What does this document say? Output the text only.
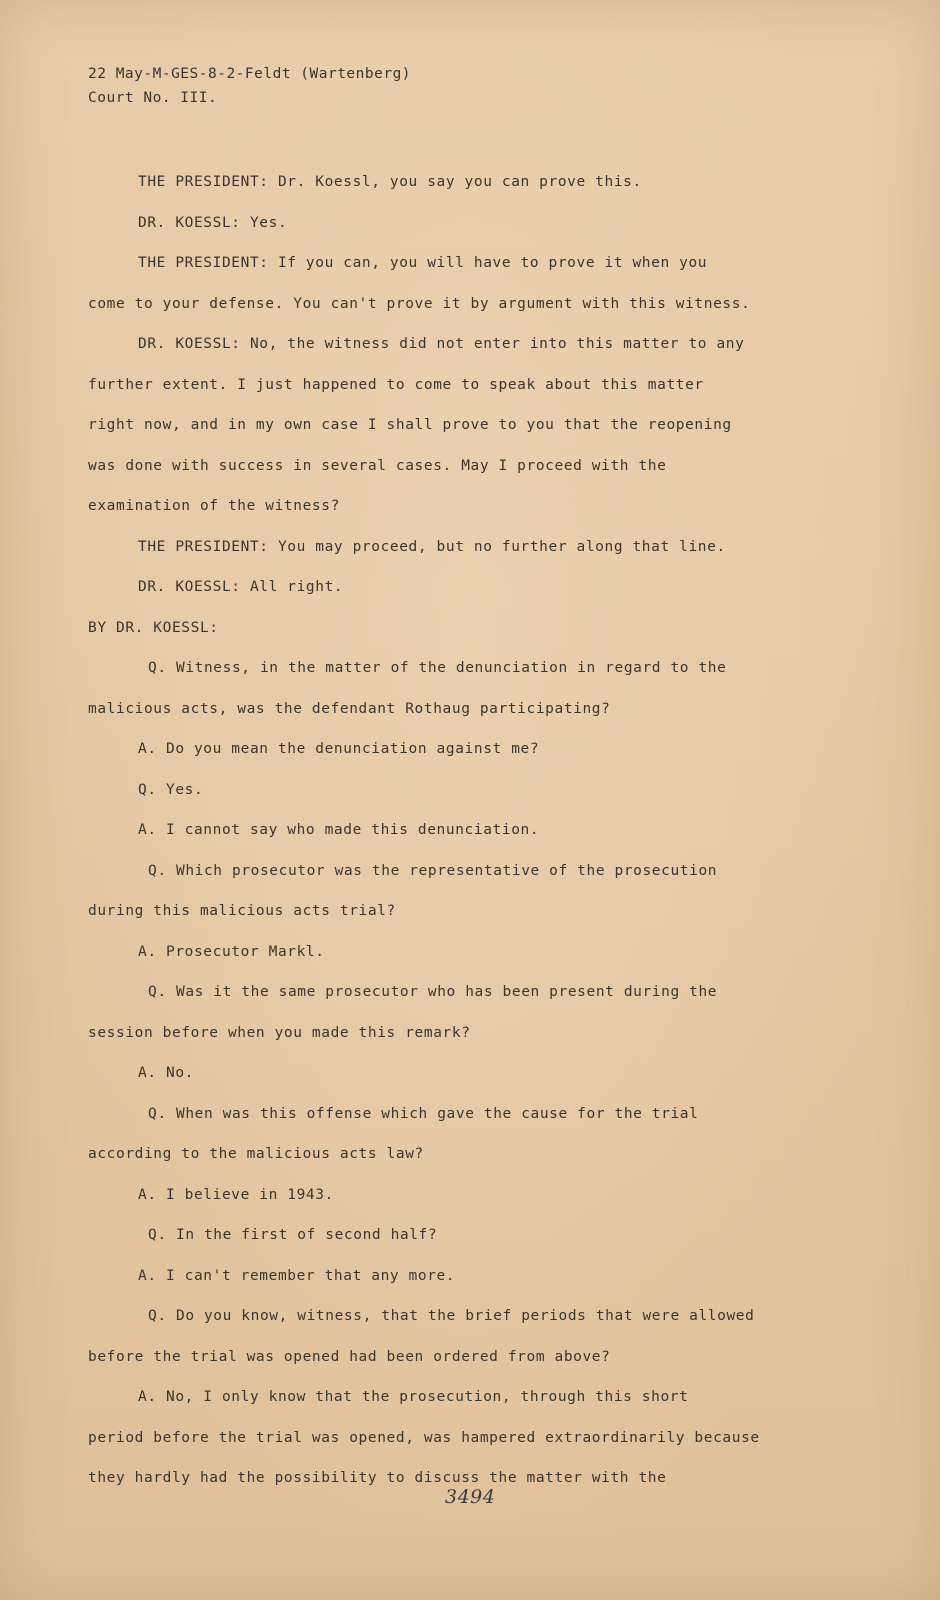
22 May-M-GES-8-2-Feldt (Wartenberg)
Court No. III.
THE PRESIDENT: Dr. Koessl, you say you can prove this.
DR. KOESSL: Yes.
THE PRESIDENT: If you can, you will have to prove it when you
come to your defense. You can't prove it by argument with this witness.
DR. KOESSL: No, the witness did not enter into this matter to any
further extent. I just happened to come to speak about this matter
right now, and in my own case I shall prove to you that the reopening
was done with success in several cases. May I proceed with the
examination of the witness?
THE PRESIDENT: You may proceed, but no further along that line.
DR. KOESSL: All right.
BY DR. KOESSL:
Q. Witness, in the matter of the denunciation in regard to the
malicious acts, was the defendant Rothaug participating?
A. Do you mean the denunciation against me?
Q. Yes.
A. I cannot say who made this denunciation.
Q. Which prosecutor was the representative of the prosecution
during this malicious acts trial?
A. Prosecutor Markl.
Q. Was it the same prosecutor who has been present during the
session before when you made this remark?
A. No.
Q. When was this offense which gave the cause for the trial
according to the malicious acts law?
A. I believe in 1943.
Q. In the first of second half?
A. I can't remember that any more.
Q. Do you know, witness, that the brief periods that were allowed
before the trial was opened had been ordered from above?
A. No, I only know that the prosecution, through this short
period before the trial was opened, was hampered extraordinarily because
they hardly had the possibility to discuss the matter with the
3494
